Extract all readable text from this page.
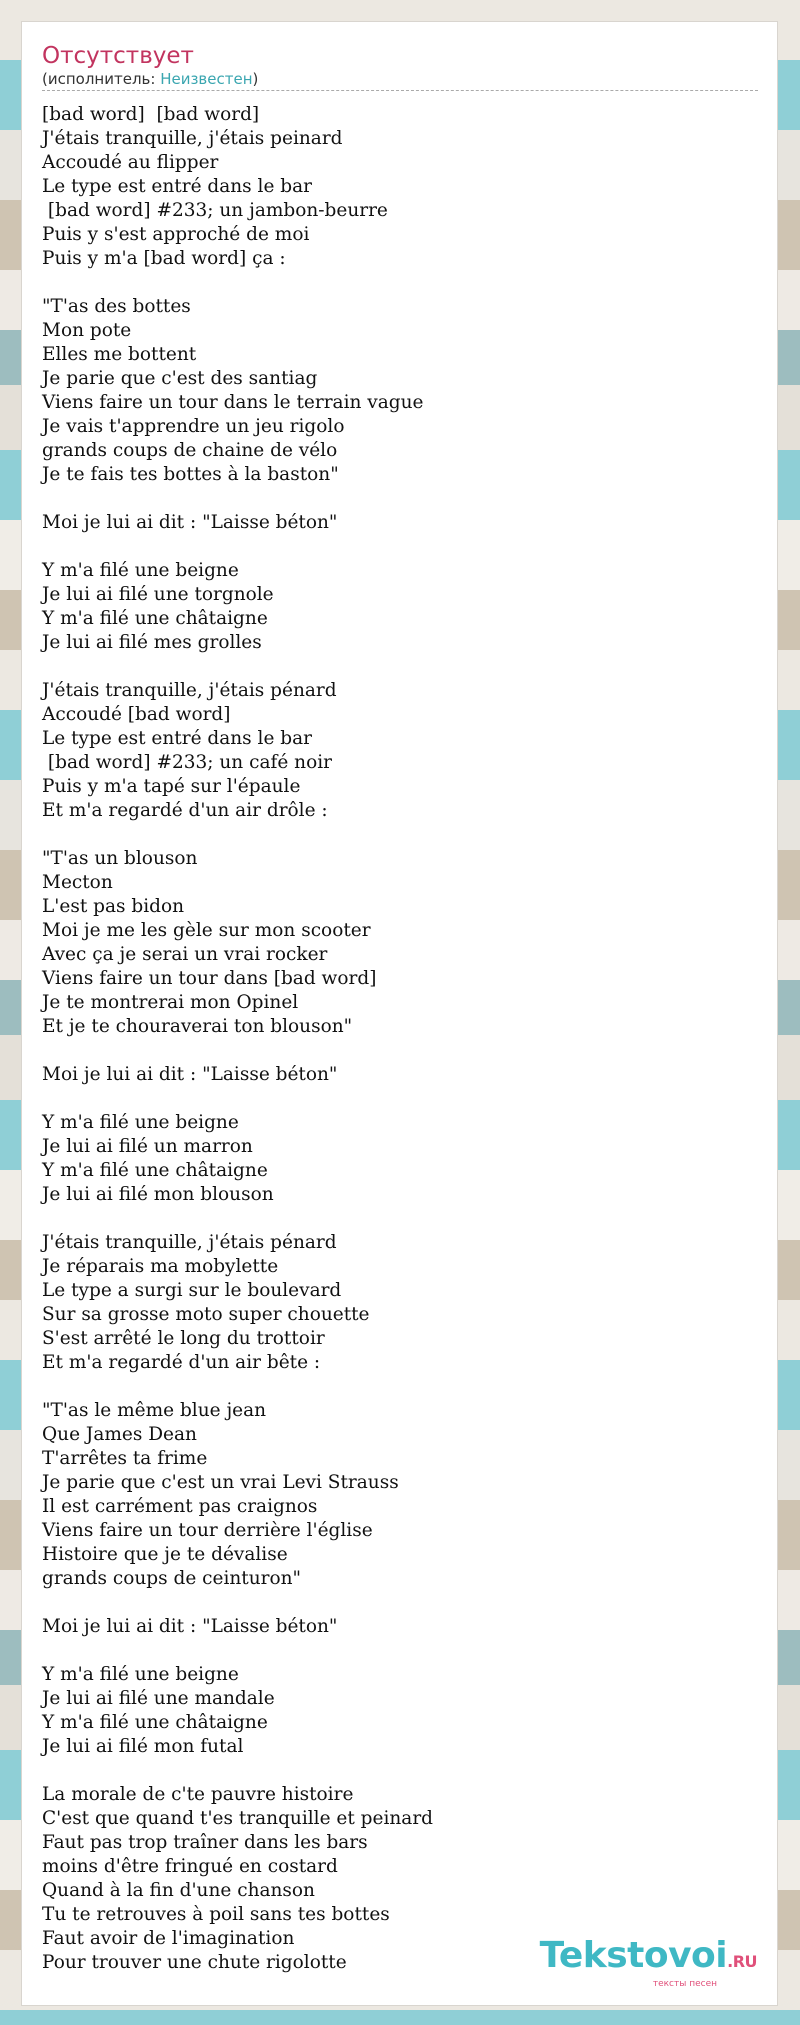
Отсутствует
(исполнитель: Неизвестен)
[bad word]  [bad word]
J'étais tranquille, j'étais peinard
Accoudé au flipper
Le type est entré dans le bar
[bad word] #233; un jambon-beurre
Puis y s'est approché de moi
Puis y m'a [bad word] ça :

"T'as des bottes
Mon pote
Elles me bottent
Je parie que c'est des santiag
Viens faire un tour dans le terrain vague
Je vais t'apprendre un jeu rigolo
grands coups de chaine de vélo
Je te fais tes bottes à la baston"

Moi je lui ai dit : "Laisse béton"

Y m'a filé une beigne
Je lui ai filé une torgnole
Y m'a filé une châtaigne
Je lui ai filé mes grolles

J'étais tranquille, j'étais pénard
Accoudé [bad word]
Le type est entré dans le bar
[bad word] #233; un café noir
Puis y m'a tapé sur l'épaule
Et m'a regardé d'un air drôle :

"T'as un blouson
Mecton
L'est pas bidon
Moi je me les gèle sur mon scooter
Avec ça je serai un vrai rocker
Viens faire un tour dans [bad word]
Je te montrerai mon Opinel
Et je te chouraverai ton blouson"

Moi je lui ai dit : "Laisse béton"

Y m'a filé une beigne
Je lui ai filé un marron
Y m'a filé une châtaigne
Je lui ai filé mon blouson

J'étais tranquille, j'étais pénard
Je réparais ma mobylette
Le type a surgi sur le boulevard
Sur sa grosse moto super chouette
S'est arrêté le long du trottoir
Et m'a regardé d'un air bête :

"T'as le même blue jean
Que James Dean
T'arrêtes ta frime
Je parie que c'est un vrai Levi Strauss
Il est carrément pas craignos
Viens faire un tour derrière l'église
Histoire que je te dévalise
grands coups de ceinturon"

Moi je lui ai dit : "Laisse béton"

Y m'a filé une beigne
Je lui ai filé une mandale
Y m'a filé une châtaigne
Je lui ai filé mon futal

La morale de c'te pauvre histoire
C'est que quand t'es tranquille et peinard
Faut pas trop traîner dans les bars
moins d'être fringué en costard
Quand à la fin d'une chanson
Tu te retrouves à poil sans tes bottes
Faut avoir de l'imagination
Pour trouver une chute rigolotte	Tekstovoi.RU
тексты песен
